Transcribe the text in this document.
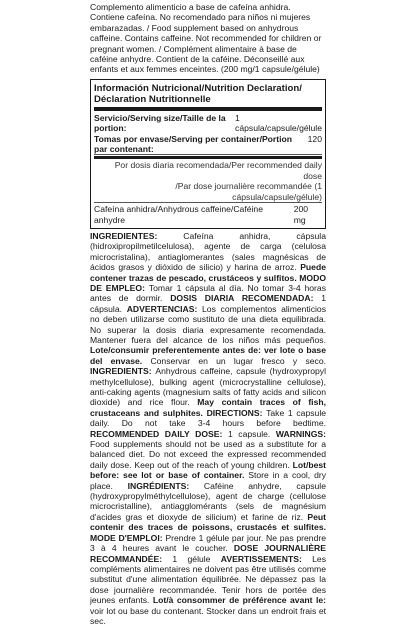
Complemento alimenticio a base de cafeína anhidra. Contiene cafeína. No recomendado para niños ni mujeres embarazadas. / Food supplement based on anhydrous caffeine. Contains caffeine. Not recommended for children or pregnant women. / Complément alimentaire à base de caféine anhydre. Contient de la caféine. Déconseillé aux enfants et aux femmes enceintes. (200 mg/1 capsule/gélule)

Información Nutricional/Nutrition Declaration/
Déclaration Nutritionnelle
Servicio/Serving size/Taille de la portion:
1 cápsula/capsule/gélule
Tomas por envase/Serving per container/Portion par contenant:
120
Por dosis diaria recomendada/Per recommended daily dose
/Par dose journalière recommandée (1 cápsula/capsule/gélule)
Cafeína anhidra/Anhydrous caffeine/Caféine anhydre
200 mg
INGREDIENTES: Cafeína anhidra, cápsula (hidroxipropilmetilcelulosa), agente de carga (celulosa microcristalina), antiaglomerantes (sales magnésicas de ácidos grasos y dióxido de silicio) y harina de arroz. Puede contener trazas de pescado, crustáceos y sulfitos. MODO DE EMPLEO: Tomar 1 cápsula al día. No tomar 3-4 horas antes de dormir. DOSIS DIARIA RECOMENDADA: 1 cápsula. ADVERTENCIAS: Los complementos alimenticios no deben utilizarse como sustituto de una dieta equilibrada. No superar la dosis diaria expresamente recomendada. Mantener fuera del alcance de los niños más pequeños. Lote/consumir preferentemente antes de: ver lote o base del envase. Conservar en un lugar fresco y seco. INGREDIENTS: Anhydrous caffeine, capsule (hydroxypropyl methylcellulose), bulking agent (microcrystalline cellulose), anti-caking agents (magnesium salts of fatty acids and silicon dioxide) and rice flour. May contain traces of fish, crustaceans and sulphites. DIRECTIONS: Take 1 capsule daily. Do not take 3-4 hours before bedtime. RECOMMENDED DAILY DOSE: 1 capsule. WARNINGS: Food supplements should not be used as a substitute for a balanced diet. Do not exceed the expressed recommended daily dose. Keep out of the reach of young children. Lot/best before: see lot or base of container. Store in a cool, dry place. INGRÉDIENTS: Caféine anhydre, capsule (hydroxypropylméthylcellulose), agent de charge (cellulose microcristalline), antiagglomérants (sels de magnésium d'acides gras et dioxyde de silicium) et farine de riz. Peut contenir des traces de poissons, crustacés et sulfites. MODE D'EMPLOI: Prendre 1 gélule par jour. Ne pas prendre 3 à 4 heures avant le coucher. DOSE JOURNALIÈRE RECOMMANDÉE: 1 gélule AVERTISSEMENTS: Les compléments alimentaires ne doivent pas être utilisés comme substitut d'une alimentation équilibrée. Ne dépassez pas la dose journalière recommandée. Tenir hors de portée des jeunes enfants. Lot/à consommer de préférence avant le: voir lot ou base du contenant. Stocker dans un endroit frais et sec.
